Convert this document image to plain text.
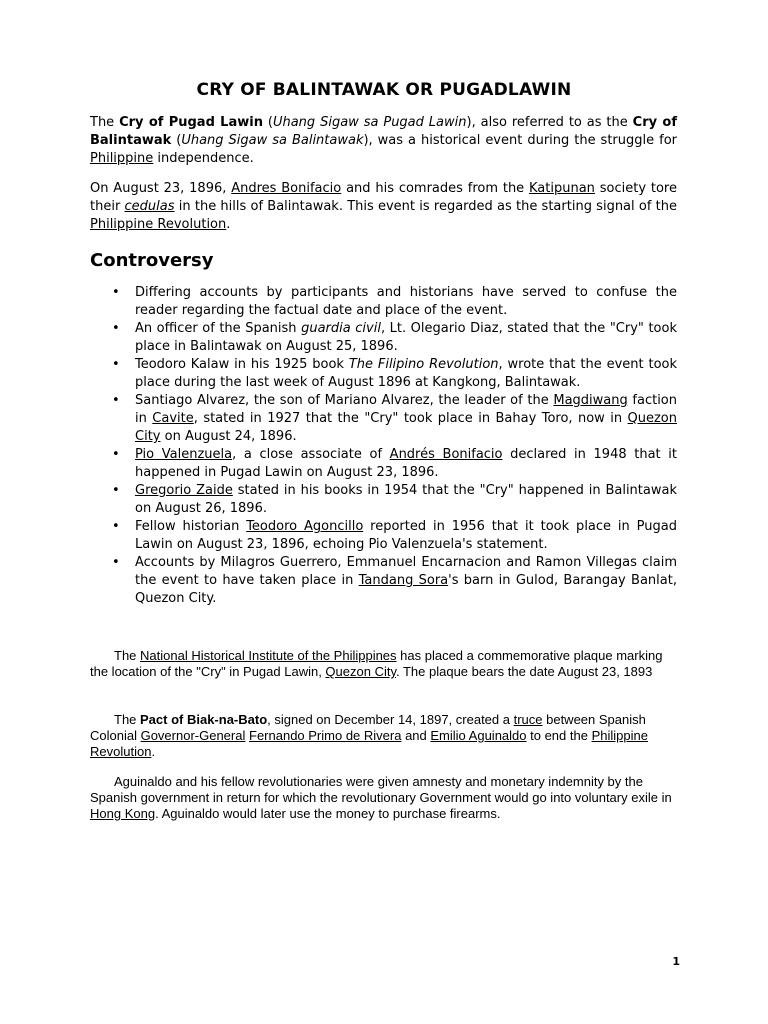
CRY OF BALINTAWAK OR PUGADLAWIN

The Cry of Pugad Lawin (Uhang Sigaw sa Pugad Lawin), also referred to as the Cry of Balintawak (Uhang Sigaw sa Balintawak), was a historical event during the struggle for Philippine independence.

On August 23, 1896, Andres Bonifacio and his comrades from the Katipunan society tore their cedulas in the hills of Balintawak. This event is regarded as the starting signal of the Philippine Revolution.

Controversy
• Differing accounts by participants and historians have served to confuse the reader regarding the factual date and place of the event.
• An officer of the Spanish guardia civil, Lt. Olegario Diaz, stated that the "Cry" took place in Balintawak on August 25, 1896.
• Teodoro Kalaw in his 1925 book The Filipino Revolution, wrote that the event took place during the last week of August 1896 at Kangkong, Balintawak.
• Santiago Alvarez, the son of Mariano Alvarez, the leader of the Magdiwang faction in Cavite, stated in 1927 that the "Cry" took place in Bahay Toro, now in Quezon City on August 24, 1896.
• Pio Valenzuela, a close associate of Andrés Bonifacio declared in 1948 that it happened in Pugad Lawin on August 23, 1896.
• Gregorio Zaide stated in his books in 1954 that the "Cry" happened in Balintawak on August 26, 1896.
• Fellow historian Teodoro Agoncillo reported in 1956 that it took place in Pugad Lawin on August 23, 1896, echoing Pio Valenzuela's statement.
• Accounts by Milagros Guerrero, Emmanuel Encarnacion and Ramon Villegas claim the event to have taken place in Tandang Sora's barn in Gulod, Barangay Banlat, Quezon City.

The National Historical Institute of the Philippines has placed a commemorative plaque marking the location of the "Cry" in Pugad Lawin, Quezon City. The plaque bears the date August 23, 1893

The Pact of Biak-na-Bato, signed on December 14, 1897, created a truce between Spanish Colonial Governor-General Fernando Primo de Rivera and Emilio Aguinaldo to end the Philippine Revolution.

Aguinaldo and his fellow revolutionaries were given amnesty and monetary indemnity by the Spanish government in return for which the revolutionary Government would go into voluntary exile in Hong Kong. Aguinaldo would later use the money to purchase firearms.

1
